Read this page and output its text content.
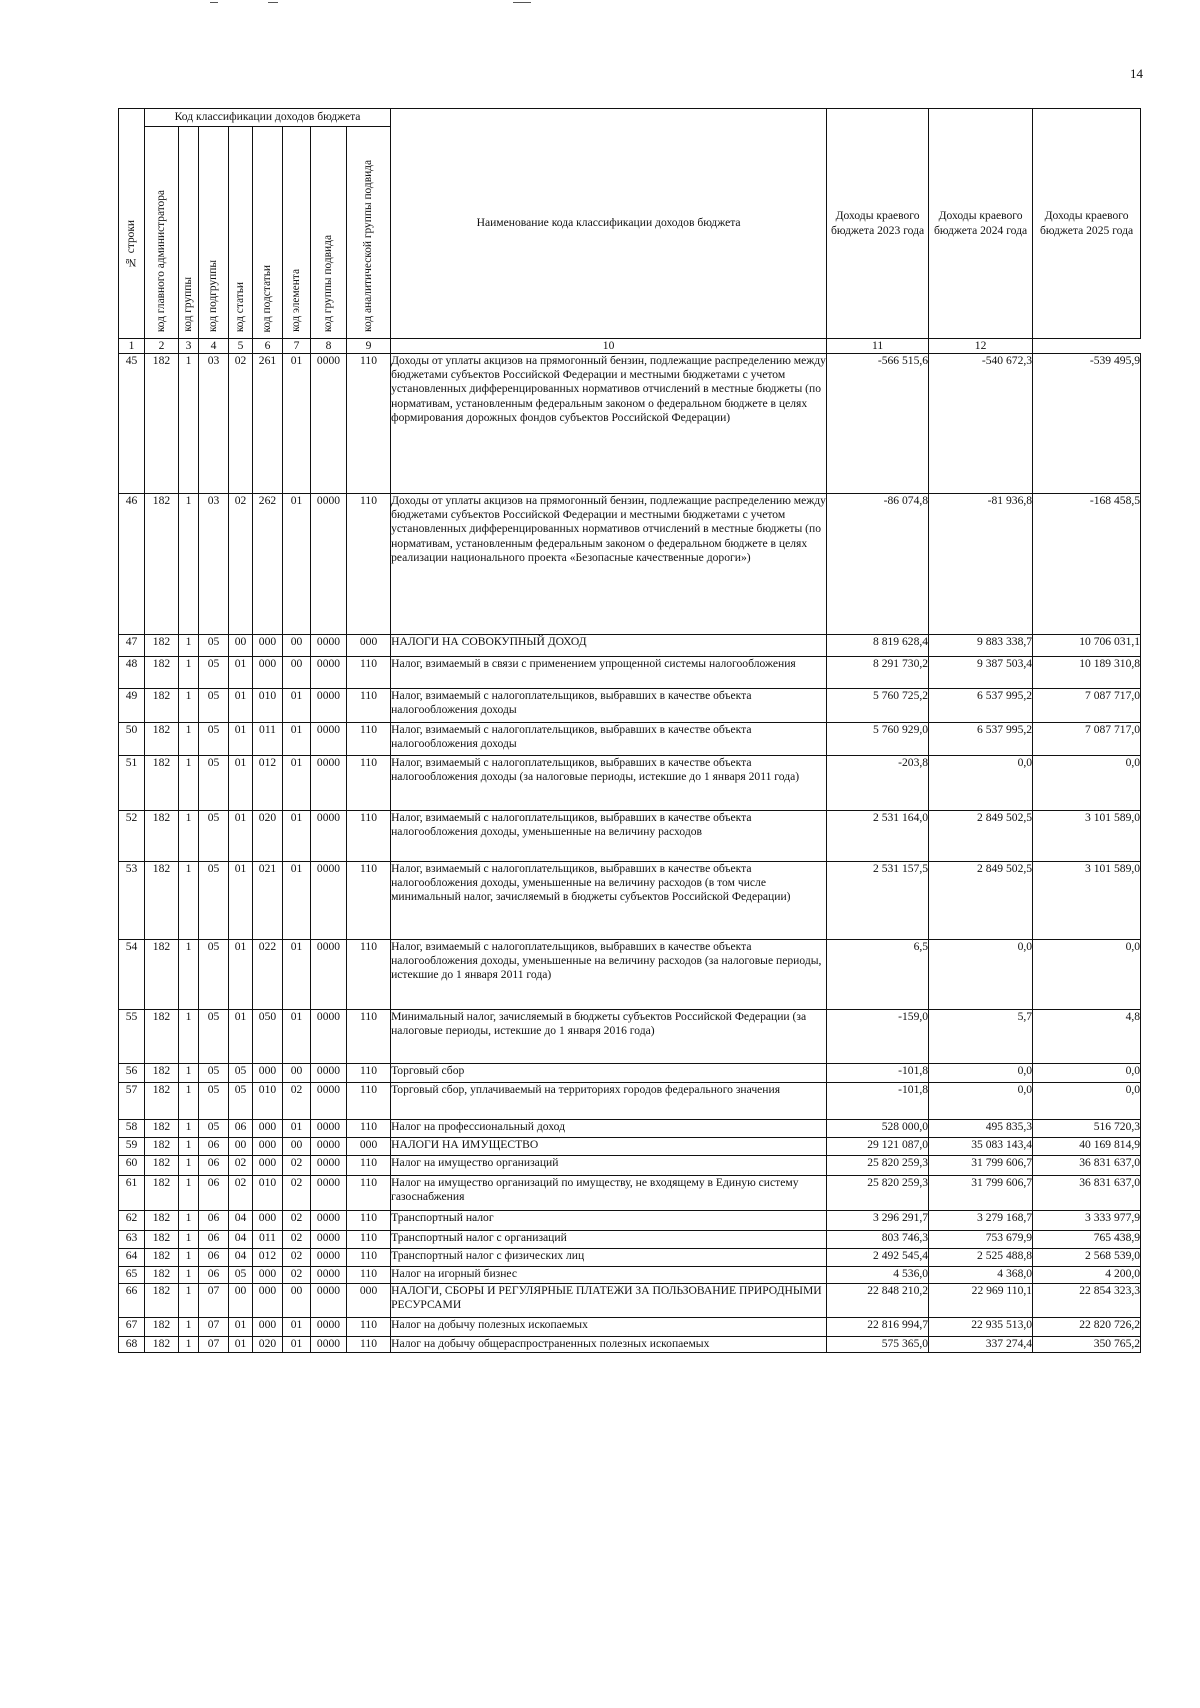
14
№ строки	Код классификации доходов бюджета								Наименование кода классификации доходов бюджета	Доходы краевого бюджета 2023 года	Доходы краевого бюджета 2024 года	Доходы краевого бюджета 2025 года

	код главного администратора	код группы	код подгруппы	код статьи	код подстатьи	код элемента	код группы подвида	код аналитической группы подвида				

1	2	3	4	5	6	7	8	9	10	11	12	
45	182	1	03	02	261	01	0000	110	Доходы от уплаты акцизов на прямогонный бензин, подлежащие распределению между бюджетами субъектов Российской Федерации и местными бюджетами с учетом установленных дифференцированных нормативов отчислений в местные бюджеты (по нормативам, установленным федеральным законом о федеральном бюджете в целях формирования дорожных фондов субъектов Российской Федерации)	-566 515,6	-540 672,3	-539 495,9
46	182	1	03	02	262	01	0000	110	Доходы от уплаты акцизов на прямогонный бензин, подлежащие распределению между бюджетами субъектов Российской Федерации и местными бюджетами с учетом установленных дифференцированных нормативов отчислений в местные бюджеты (по нормативам, установленным федеральным законом о федеральном бюджете в целях реализации национального проекта «Безопасные качественные дороги»)	-86 074,8	-81 936,8	-168 458,5
47	182	1	05	00	000	00	0000	000	НАЛОГИ НА СОВОКУПНЫЙ ДОХОД	8 819 628,4	9 883 338,7	10 706 031,1
48	182	1	05	01	000	00	0000	110	Налог, взимаемый в связи с применением упрощенной системы налогообложения	8 291 730,2	9 387 503,4	10 189 310,8
49	182	1	05	01	010	01	0000	110	Налог, взимаемый с налогоплательщиков, выбравших в качестве объекта налогообложения доходы	5 760 725,2	6 537 995,2	7 087 717,0
50	182	1	05	01	011	01	0000	110	Налог, взимаемый с налогоплательщиков, выбравших в качестве объекта налогообложения доходы	5 760 929,0	6 537 995,2	7 087 717,0
51	182	1	05	01	012	01	0000	110	Налог, взимаемый с налогоплательщиков, выбравших в качестве объекта налогообложения доходы (за налоговые периоды, истекшие до 1 января 2011 года)	-203,8	0,0	0,0
52	182	1	05	01	020	01	0000	110	Налог, взимаемый с налогоплательщиков, выбравших в качестве объекта налогообложения доходы, уменьшенные на величину расходов	2 531 164,0	2 849 502,5	3 101 589,0
53	182	1	05	01	021	01	0000	110	Налог, взимаемый с налогоплательщиков, выбравших в качестве объекта налогообложения доходы, уменьшенные на величину расходов (в том числе минимальный налог, зачисляемый в бюджеты субъектов Российской Федерации)	2 531 157,5	2 849 502,5	3 101 589,0
54	182	1	05	01	022	01	0000	110	Налог, взимаемый с налогоплательщиков, выбравших в качестве объекта налогообложения доходы, уменьшенные на величину расходов (за налоговые периоды, истекшие до 1 января 2011 года)	6,5	0,0	0,0
55	182	1	05	01	050	01	0000	110	Минимальный налог, зачисляемый в бюджеты субъектов Российской Федерации (за налоговые периоды, истекшие до 1 января 2016 года)	-159,0	5,7	4,8
56	182	1	05	05	000	00	0000	110	Торговый сбор	-101,8	0,0	0,0
57	182	1	05	05	010	02	0000	110	Торговый сбор, уплачиваемый на территориях городов федерального значения	-101,8	0,0	0,0
58	182	1	05	06	000	01	0000	110	Налог на профессиональный доход	528 000,0	495 835,3	516 720,3
59	182	1	06	00	000	00	0000	000	НАЛОГИ НА ИМУЩЕСТВО	29 121 087,0	35 083 143,4	40 169 814,9
60	182	1	06	02	000	02	0000	110	Налог на имущество организаций	25 820 259,3	31 799 606,7	36 831 637,0
61	182	1	06	02	010	02	0000	110	Налог на имущество организаций по имуществу, не входящему в Единую систему газоснабжения	25 820 259,3	31 799 606,7	36 831 637,0
62	182	1	06	04	000	02	0000	110	Транспортный налог	3 296 291,7	3 279 168,7	3 333 977,9
63	182	1	06	04	011	02	0000	110	Транспортный налог с организаций	803 746,3	753 679,9	765 438,9
64	182	1	06	04	012	02	0000	110	Транспортный налог с физических лиц	2 492 545,4	2 525 488,8	2 568 539,0
65	182	1	06	05	000	02	0000	110	Налог на игорный бизнес	4 536,0	4 368,0	4 200,0
66	182	1	07	00	000	00	0000	000	НАЛОГИ, СБОРЫ И РЕГУЛЯРНЫЕ ПЛАТЕЖИ ЗА ПОЛЬЗОВАНИЕ ПРИРОДНЫМИ РЕСУРСАМИ	22 848 210,2	22 969 110,1	22 854 323,3
67	182	1	07	01	000	01	0000	110	Налог на добычу полезных ископаемых	22 816 994,7	22 935 513,0	22 820 726,2
68	182	1	07	01	020	01	0000	110	Налог на добычу общераспространенных полезных ископаемых	575 365,0	337 274,4	350 765,2
